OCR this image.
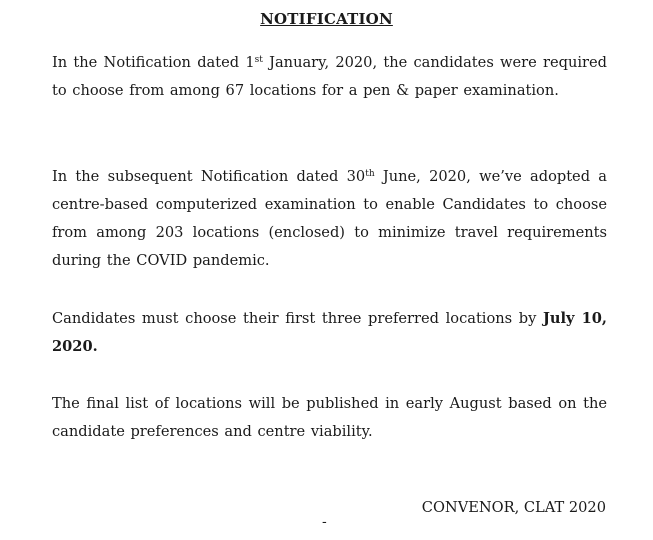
NOTIFICATION
In the Notification dated 1st January, 2020, the candidates were required to choose from among 67 locations for a pen & paper examination.
In the subsequent Notification dated 30th June, 2020, we’ve adopted a centre-based computerized examination to enable Candidates to choose from among 203 locations (enclosed) to minimize travel requirements during the COVID pandemic.
Candidates must choose their first three preferred locations by July 10, 2020.
The final list of locations will be published in early August based on the candidate preferences and centre viability.
CONVENOR, CLAT 2020
-
